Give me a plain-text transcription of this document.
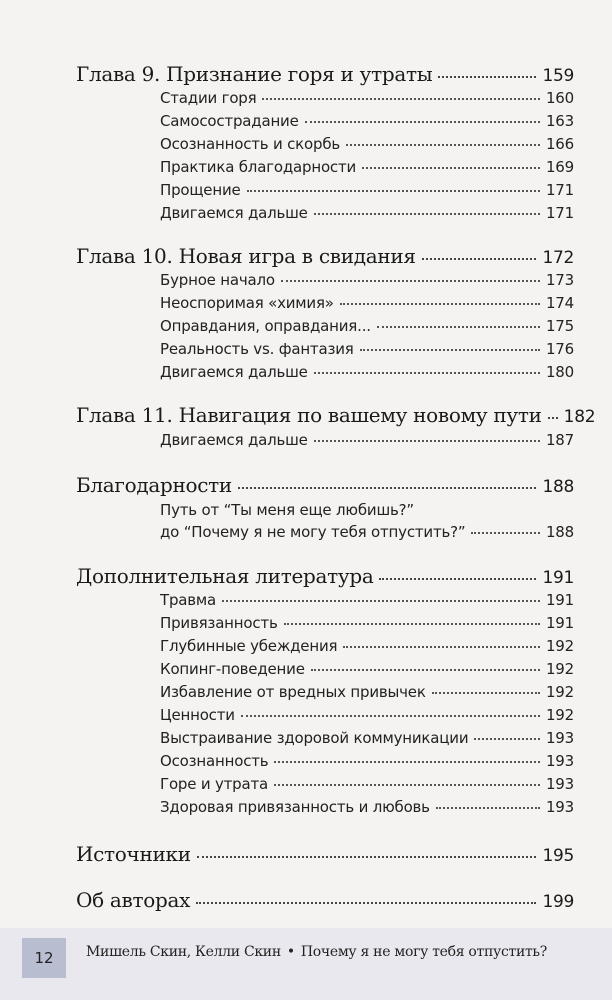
Глава 9. Признание горя и утраты	159
Стадии горя	160
Самосострадание	163
Осознанность и скорбь	166
Практика благодарности	169
Прощение	171
Двигаемся дальше	171
Глава 10. Новая игра в свидания	172
Бурное начало	173
Неоспоримая «химия»	174
Оправдания, оправдания...	175
Реальность vs. фантазия	176
Двигаемся дальше	180
Глава 11. Навигация по вашему новому пути 182
Двигаемся дальше	187
Благодарности	188
Путь от “Ты меня еще любишь?”
до “Почему я не могу тебя отпустить?”	188
Дополнительная литература	191
Травма	191
Привязанность	191
Глубинные убеждения	192
Копинг-поведение	192
Избавление от вредных привычек	192
Ценности	192
Выстраивание здоровой коммуникации	193
Осознанность	193
Горе и утрата	193
Здоровая привязанность и любовь	193
Источники	195
Об авторах	199
12	Мишель Скин, Келли Скин • Почему я не могу тебя отпустить?
